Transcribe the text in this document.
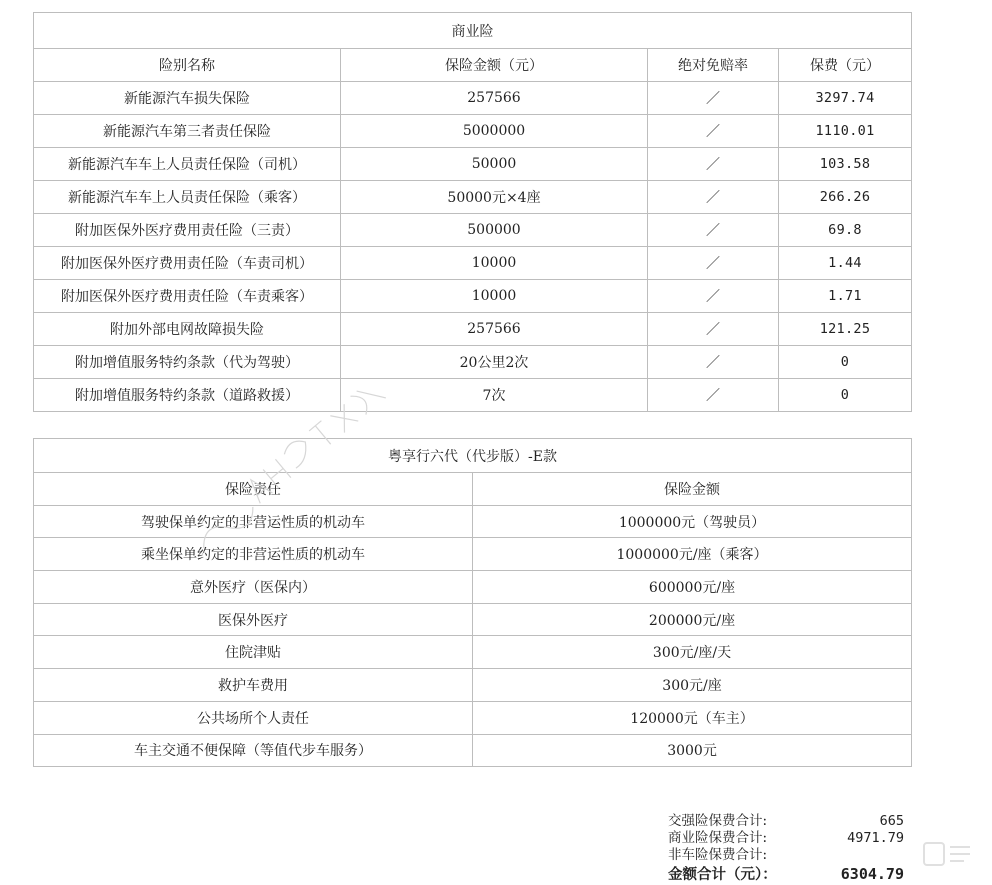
商业险			
险别名称	保险金额（元）	绝对免赔率	保费（元）
新能源汽车损失保险	257566	／	3297.74
新能源汽车第三者责任保险	5000000	／	1110.01
新能源汽车车上人员责任保险（司机）	50000	／	103.58
新能源汽车车上人员责任保险（乘客）	50000元×4座	／	266.26
附加医保外医疗费用责任险（三责）	500000	／	69.8
附加医保外医疗费用责任险（车责司机）	10000	／	1.44
附加医保外医疗费用责任险（车责乘客）	10000	／	1.71
附加外部电网故障损失险	257566	／	121.25
附加增值服务特约条款（代为驾驶）	20公里2次	／	0
附加增值服务特约条款（道路救援）	7次	／	0
粤享行六代（代步版）-E款	
保险责任	保险金额
驾驶保单约定的非营运性质的机动车	1000000元（驾驶员）
乘坐保单约定的非营运性质的机动车	1000000元/座（乘客）
意外医疗（医保内）	600000元/座
医保外医疗	200000元/座
住院津贴	300元/座/天
救护车费用	300元/座
公共场所个人责任	120000元（车主）
车主交通不便保障（等值代步车服务）	3000元
交强险保费合计:	665
商业险保费合计:	4971.79
非车险保费合计:
金额合计（元）：	6304.79
